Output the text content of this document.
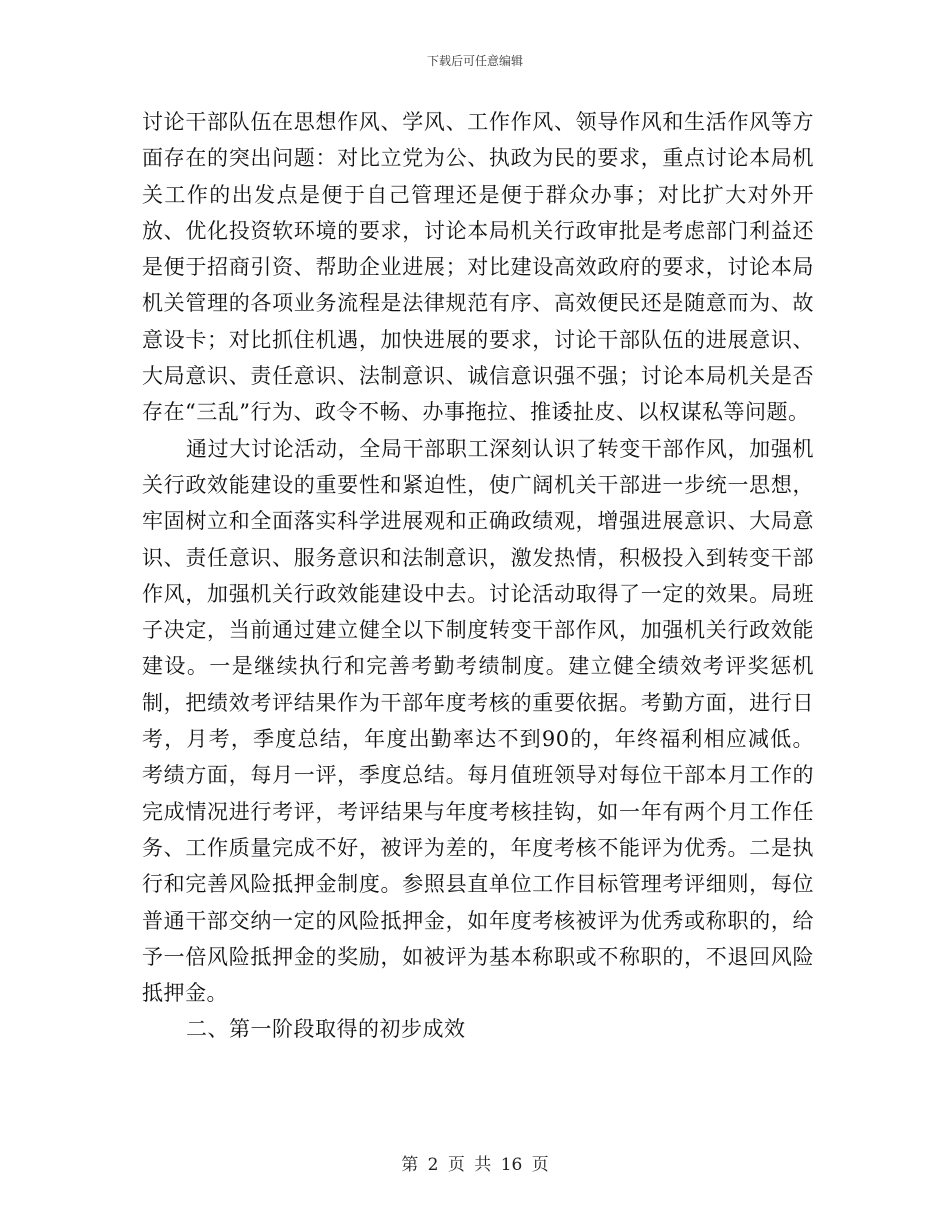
下载后可任意编辑

讨论干部队伍在思想作风、学风、工作作风、领导作风和生活作风等方面存在的突出问题：对比立党为公、执政为民的要求，重点讨论本局机关工作的出发点是便于自己管理还是便于群众办事；对比扩大对外开放、优化投资软环境的要求，讨论本局机关行政审批是考虑部门利益还是便于招商引资、帮助企业进展；对比建设高效政府的要求，讨论本局机关管理的各项业务流程是法律规范有序、高效便民还是随意而为、故意设卡；对比抓住机遇，加快进展的要求，讨论干部队伍的进展意识、大局意识、责任意识、法制意识、诚信意识强不强；讨论本局机关是否存在“三乱”行为、政令不畅、办事拖拉、推诿扯皮、以权谋私等问题。

通过大讨论活动，全局干部职工深刻认识了转变干部作风，加强机关行政效能建设的重要性和紧迫性，使广阔机关干部进一步统一思想，牢固树立和全面落实科学进展观和正确政绩观，增强进展意识、大局意识、责任意识、服务意识和法制意识，激发热情，积极投入到转变干部作风，加强机关行政效能建设中去。讨论活动取得了一定的效果。局班子决定，当前通过建立健全以下制度转变干部作风，加强机关行政效能建设。一是继续执行和完善考勤考绩制度。建立健全绩效考评奖惩机制，把绩效考评结果作为干部年度考核的重要依据。考勤方面，进行日考，月考，季度总结，年度出勤率达不到90的，年终福利相应减低。考绩方面，每月一评，季度总结。每月值班领导对每位干部本月工作的完成情况进行考评，考评结果与年度考核挂钩，如一年有两个月工作任务、工作质量完成不好，被评为差的，年度考核不能评为优秀。二是执行和完善风险抵押金制度。参照县直单位工作目标管理考评细则，每位普通干部交纳一定的风险抵押金，如年度考核被评为优秀或称职的，给予一倍风险抵押金的奖励，如被评为基本称职或不称职的，不退回风险抵押金。

二、第一阶段取得的初步成效

第 2 页 共 16 页
